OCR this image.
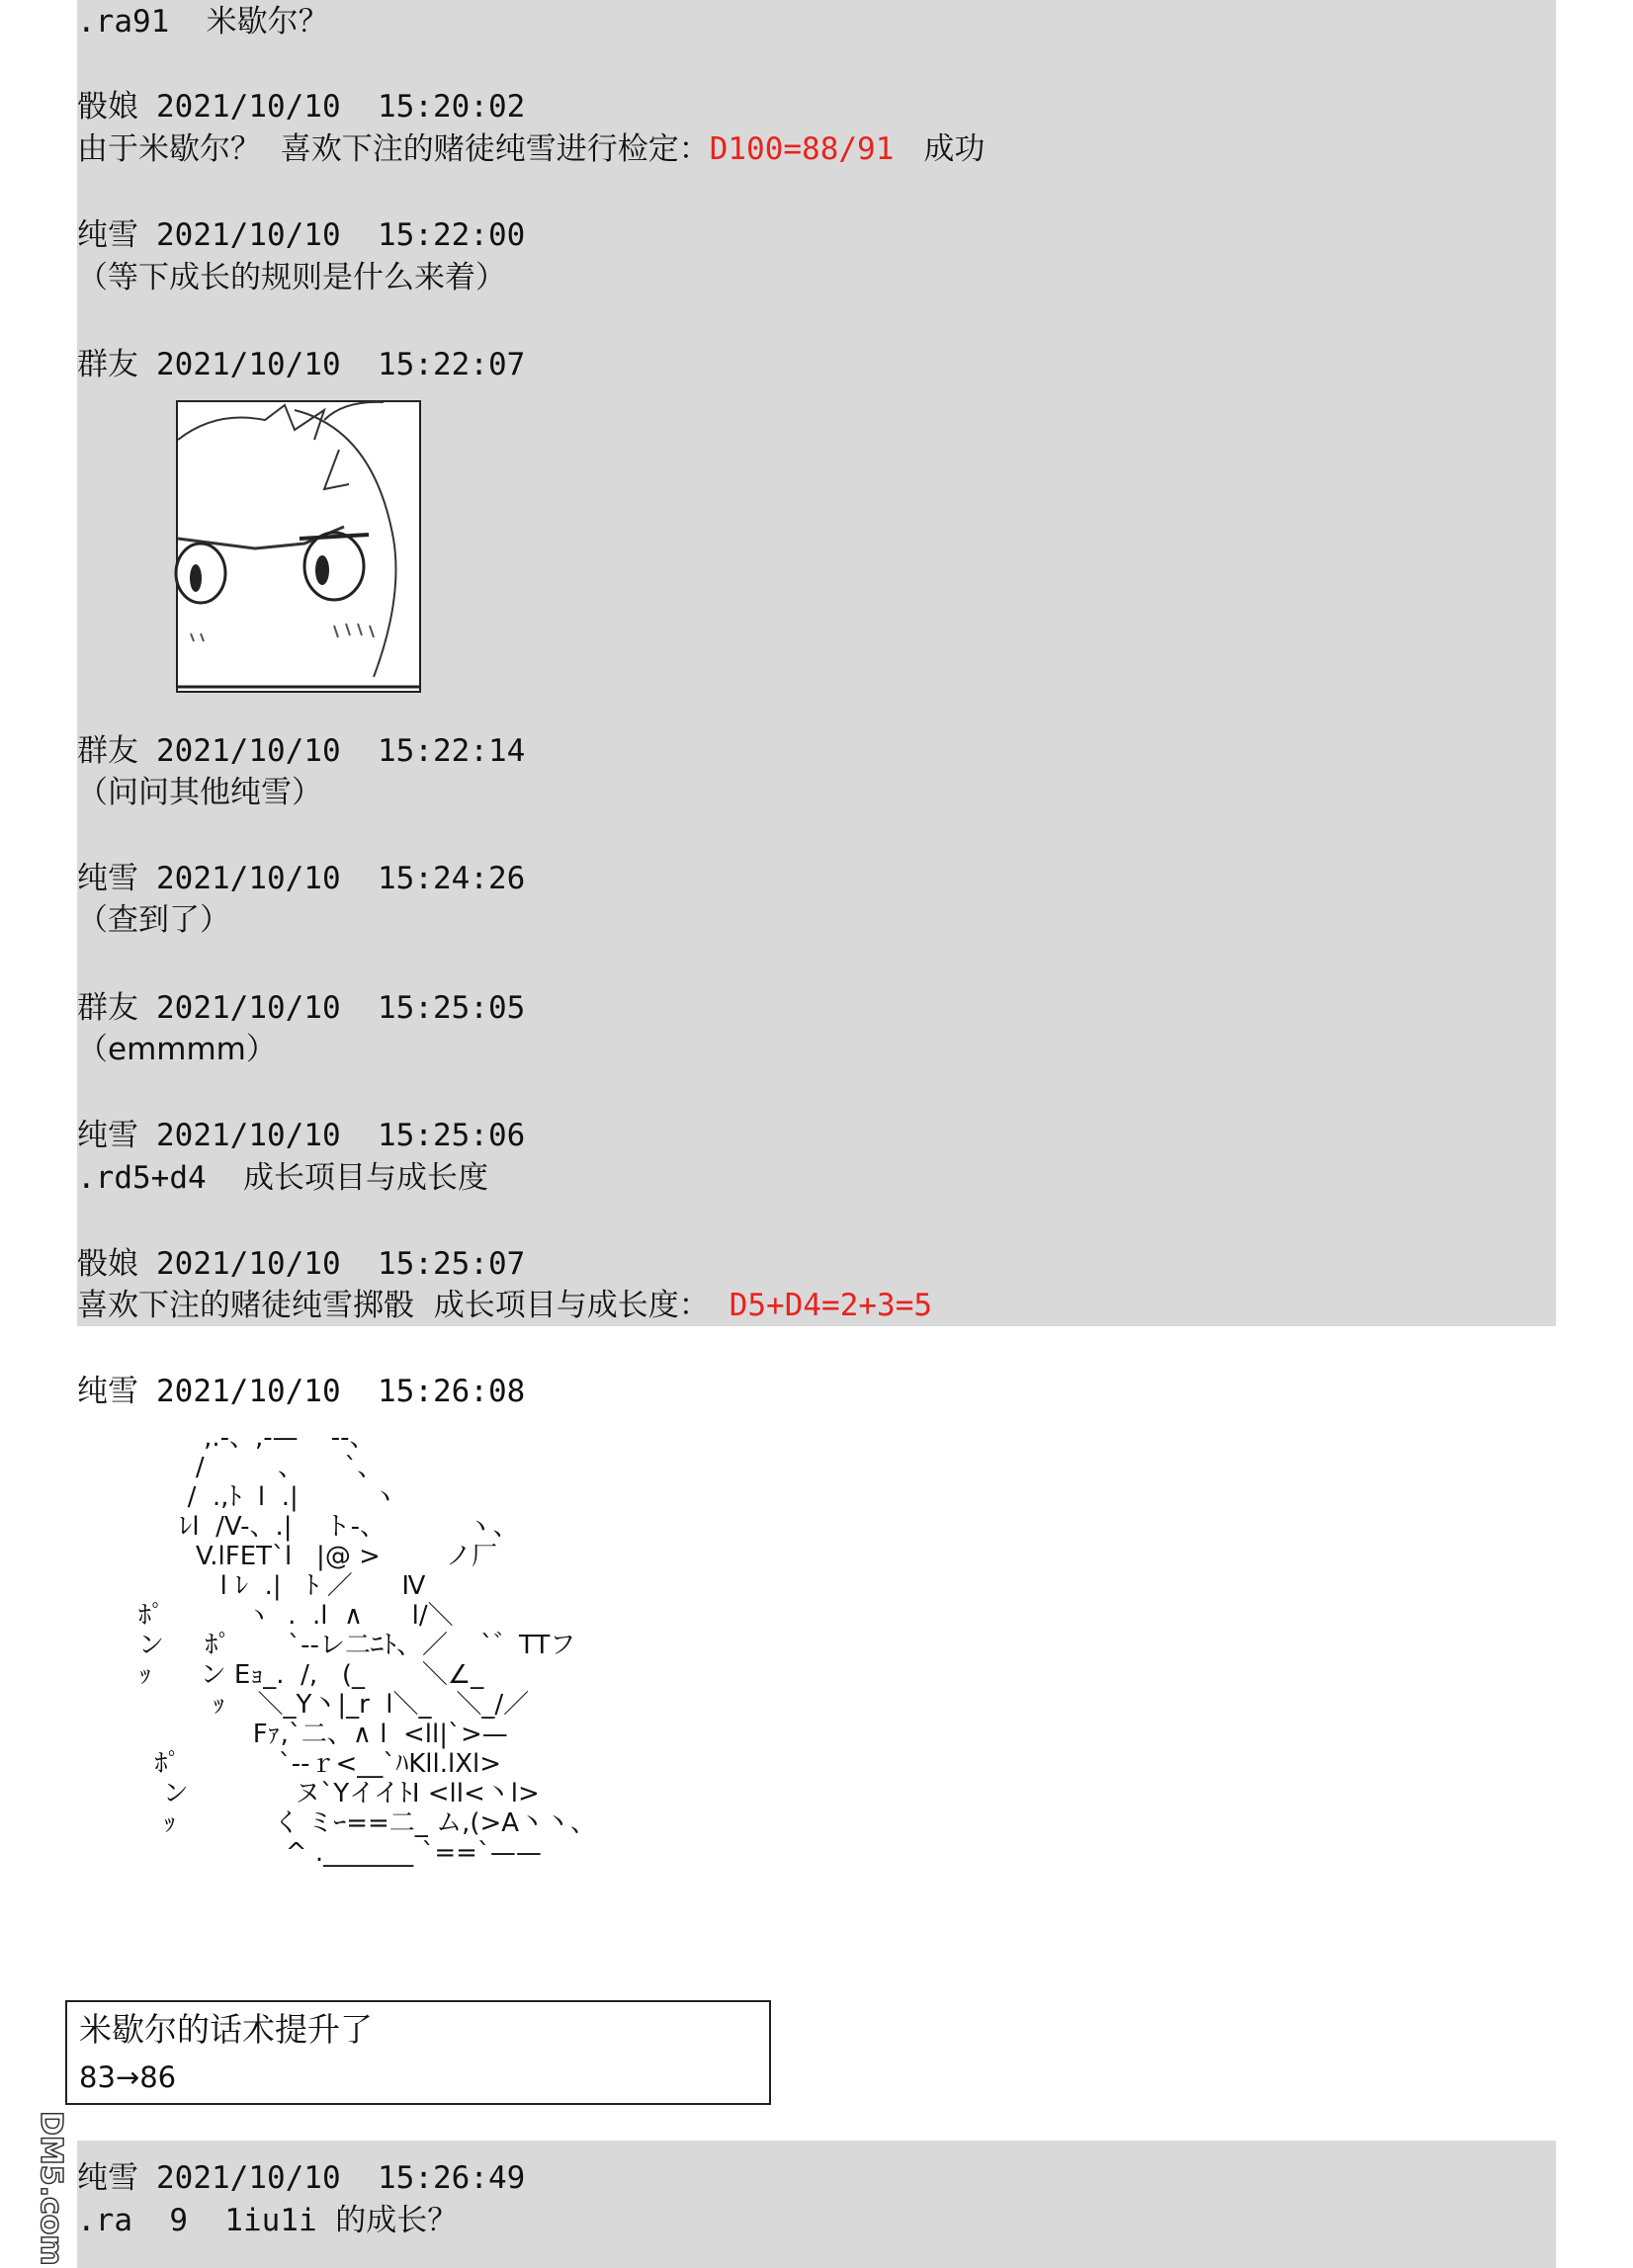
.ra91  米歇尔？
骰娘 2021/10/10  15:20:02
由于米歇尔？  喜欢下注的赌徒纯雪进行检定：D100=88/91 成功
纯雪 2021/10/10  15:22:00
（等下成长的规则是什么来着）
群友 2021/10/10  15:22:07
群友 2021/10/10  15:22:14
（问问其他纯雪）
纯雪 2021/10/10  15:24:26
（查到了）
群友 2021/10/10  15:25:05
（emmmm）
纯雪 2021/10/10  15:25:06
.rd5+d4  成长项目与成长度
骰娘 2021/10/10  15:25:07
喜欢下注的赌徒纯雪掷骰  成长项目与成长度： D5+D4=2+3=5
纯雪 2021/10/10  15:26:08
,.-、,-—    --、
/         、     `、
/  .,ﾄ  l  .|         ヽ
ﾚl  /V-、.|    ト-、          ヽ、
V.lFET`l   |@ >        ノ厂
l ﾚ  .|   ﾄ ／      Ⅳ
ﾎﾟ          ヽ  .  .l  ∧      l/＼
ン     ﾎﾟ       `--レ二ﾆﾄ、／    `゛TTフ
ｯ      ン Eｮ_.  /,   (_       ＼∠_
ｯ    ＼_Y丶|_r  l＼_   ＼_/／
Fｧ,`二、∧ l  <ll|`>—
ﾎﾟ            `‐‐ｒ<__`ﾊKll.lXl>
ン             ヌ`YイイﾄI <ll<丶l>
ｯ            く ミｰ==二_ ム,(>A丶丶、
^ ._______ `==`——
米歇尔的话术提升了
83→86
纯雪 2021/10/10  15:26:49
.ra  9  1iu1i 的成长？
DM5.com
